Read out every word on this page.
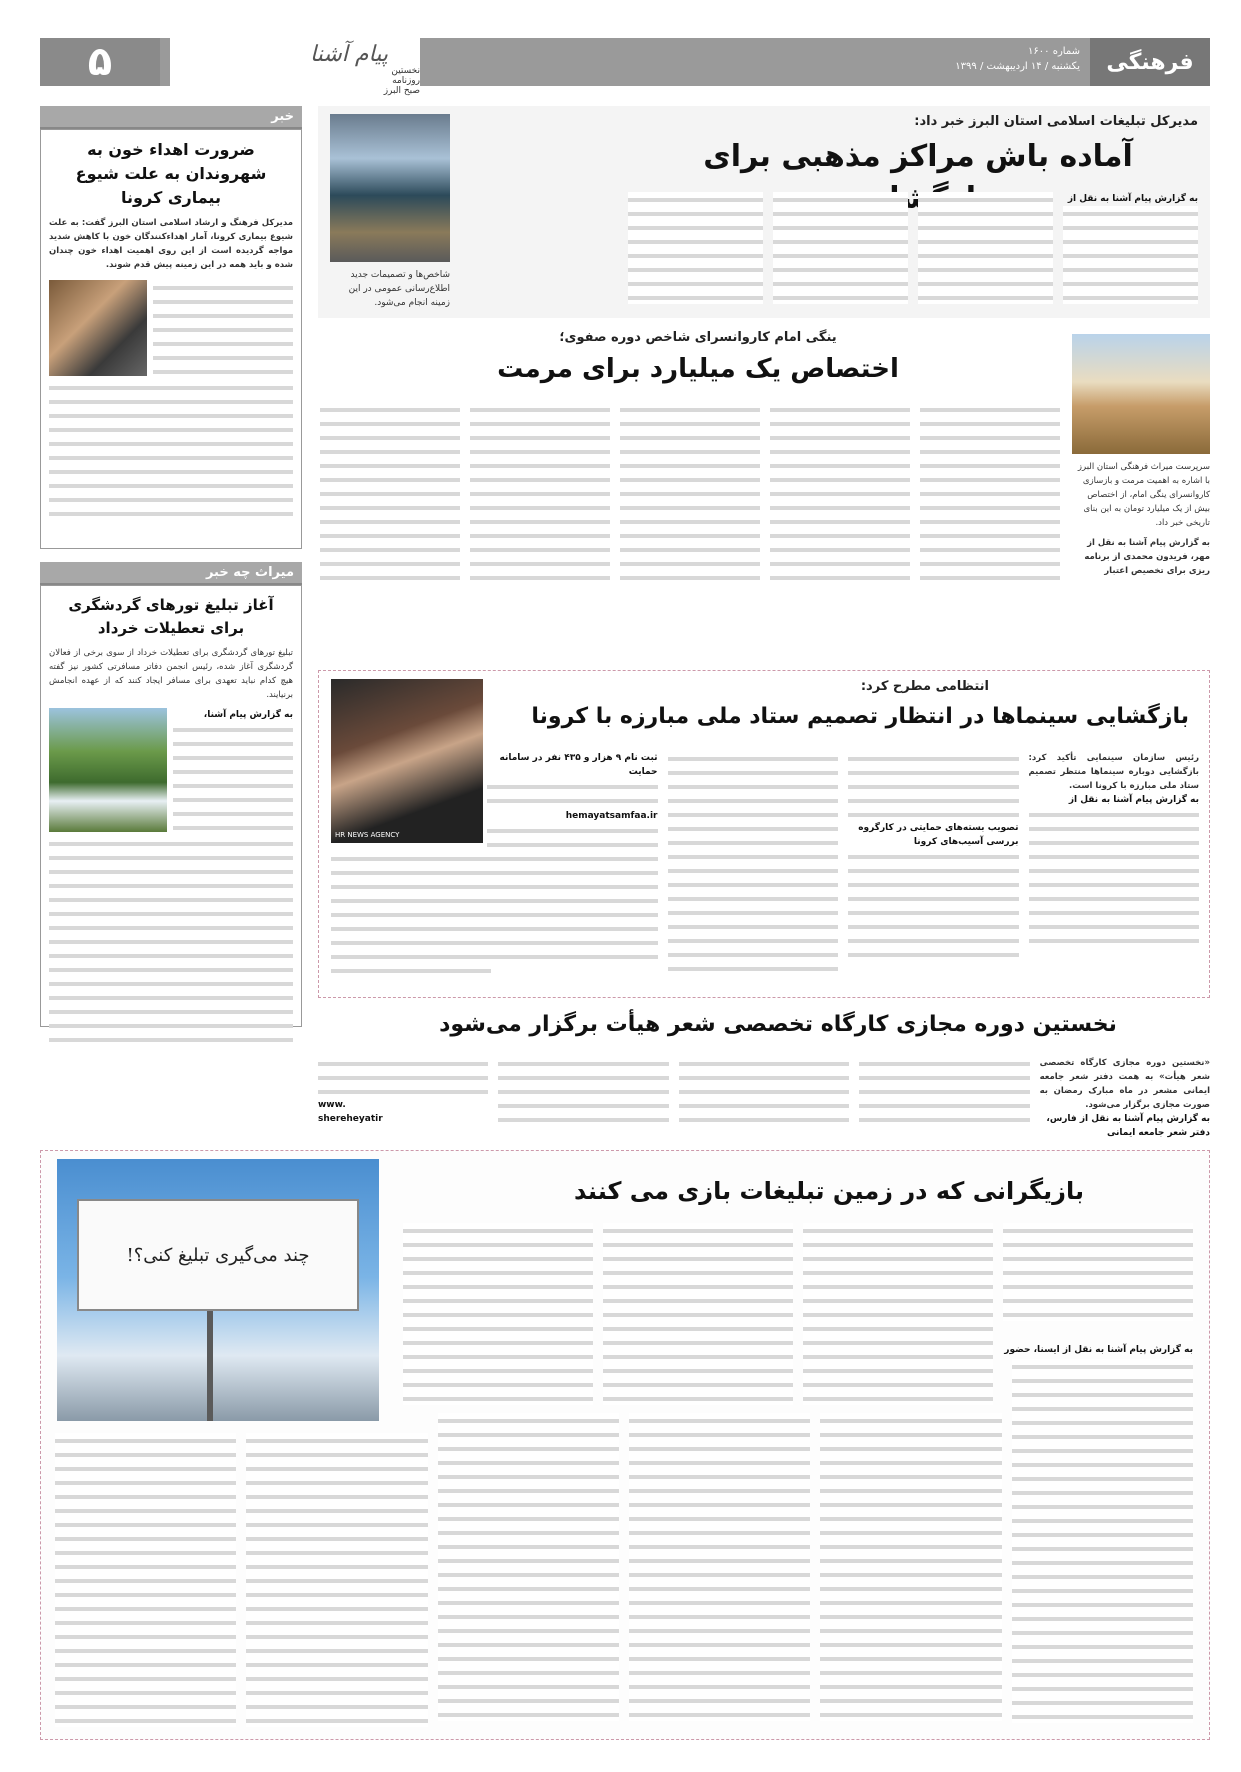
۵	پیام آشنا
نخستین روزنامه صبح البرز
شماره ۱۶۰۰
یکشنبه / ۱۴ اردیبهشت / ۱۳۹۹	فرهنگی
خبر
ضرورت اهداء خون به شهروندان به علت شیوع بیماری کرونا
مدیرکل فرهنگ و ارشاد اسلامی استان البرز گفت: به علت شیوع بیماری کرونا، آمار اهداءکنندگان خون با کاهش شدید مواجه گردیده است از این روی اهمیت اهداء خون چندان شده و باید همه در این زمینه پیش قدم شوند.
میراث چه خبر
آغاز تبلیغ تورهای گردشگری برای تعطیلات خرداد
تبلیغ تورهای گردشگری برای تعطیلات خرداد از سوی برخی از فعالان گردشگری آغاز شده، رئیس انجمن دفاتر مسافرتی کشور نیز گفته هیچ کدام نباید تعهدی برای مسافر ایجاد کنند که از عهده انجامش برنیایند.
به گزارش پیام آشنا،
مدیرکل تبلیغات اسلامی استان البرز خبر داد:
آماده باش مراکز مذهبی برای
به گزارش پیام آشنا به نقل از
شاخص‌ها و تصمیمات جدید اطلاع‌رسانی عمومی در این زمینه انجام می‌شود.
ینگی امام کاروانسرای شاخص دوره صفوی؛
اختصاص یک میلیارد برای مرمت
سرپرست میراث فرهنگی استان البرز با اشاره به اهمیت مرمت و بازسازی کاروانسرای ینگی امام، از اختصاص بیش از یک میلیارد تومان به این بنای تاریخی خبر داد.
به گزارش پیام آشنا به نقل از مهر، فریدون محمدی از برنامه ریزی برای تخصیص اعتبار
انتظامی مطرح کرد:
بازگشایی سینماها در انتظار تصمیم ستاد ملی مبارزه با کرونا
HR NEWS AGENCY
رئیس سازمان سینمایی تأکید کرد: بازگشایی دوباره سینماها منتظر تصمیم ستاد ملی مبارزه با کرونا است.
به گزارش پیام آشنا به نقل از
تصویب بسته‌های حمایتی در کارگروه بررسی آسیب‌های کرونا
ثبت نام ۹ هزار و ۴۳۵ نفر در سامانه حمایت
hemayatsamfaa.ir
نخستین دوره مجازی کارگاه تخصصی شعر هیأت برگزار می‌شود
«نخستین دوره مجازی کارگاه تخصصی شعر هیأت» به همت دفتر شعر جامعه ایمانی مشعر در ماه مبارک رمضان به صورت مجازی برگزار می‌شود.
به گزارش پیام آشنا به نقل از فارس، دفتر شعر جامعه ایمانی
www.
shereheyatir
بازیگرانی که در زمین تبلیغات بازی می کنند
چند می‌گیری تبلیغ کنی؟!
به گزارش پیام آشنا به نقل از ایسنا، حضور
